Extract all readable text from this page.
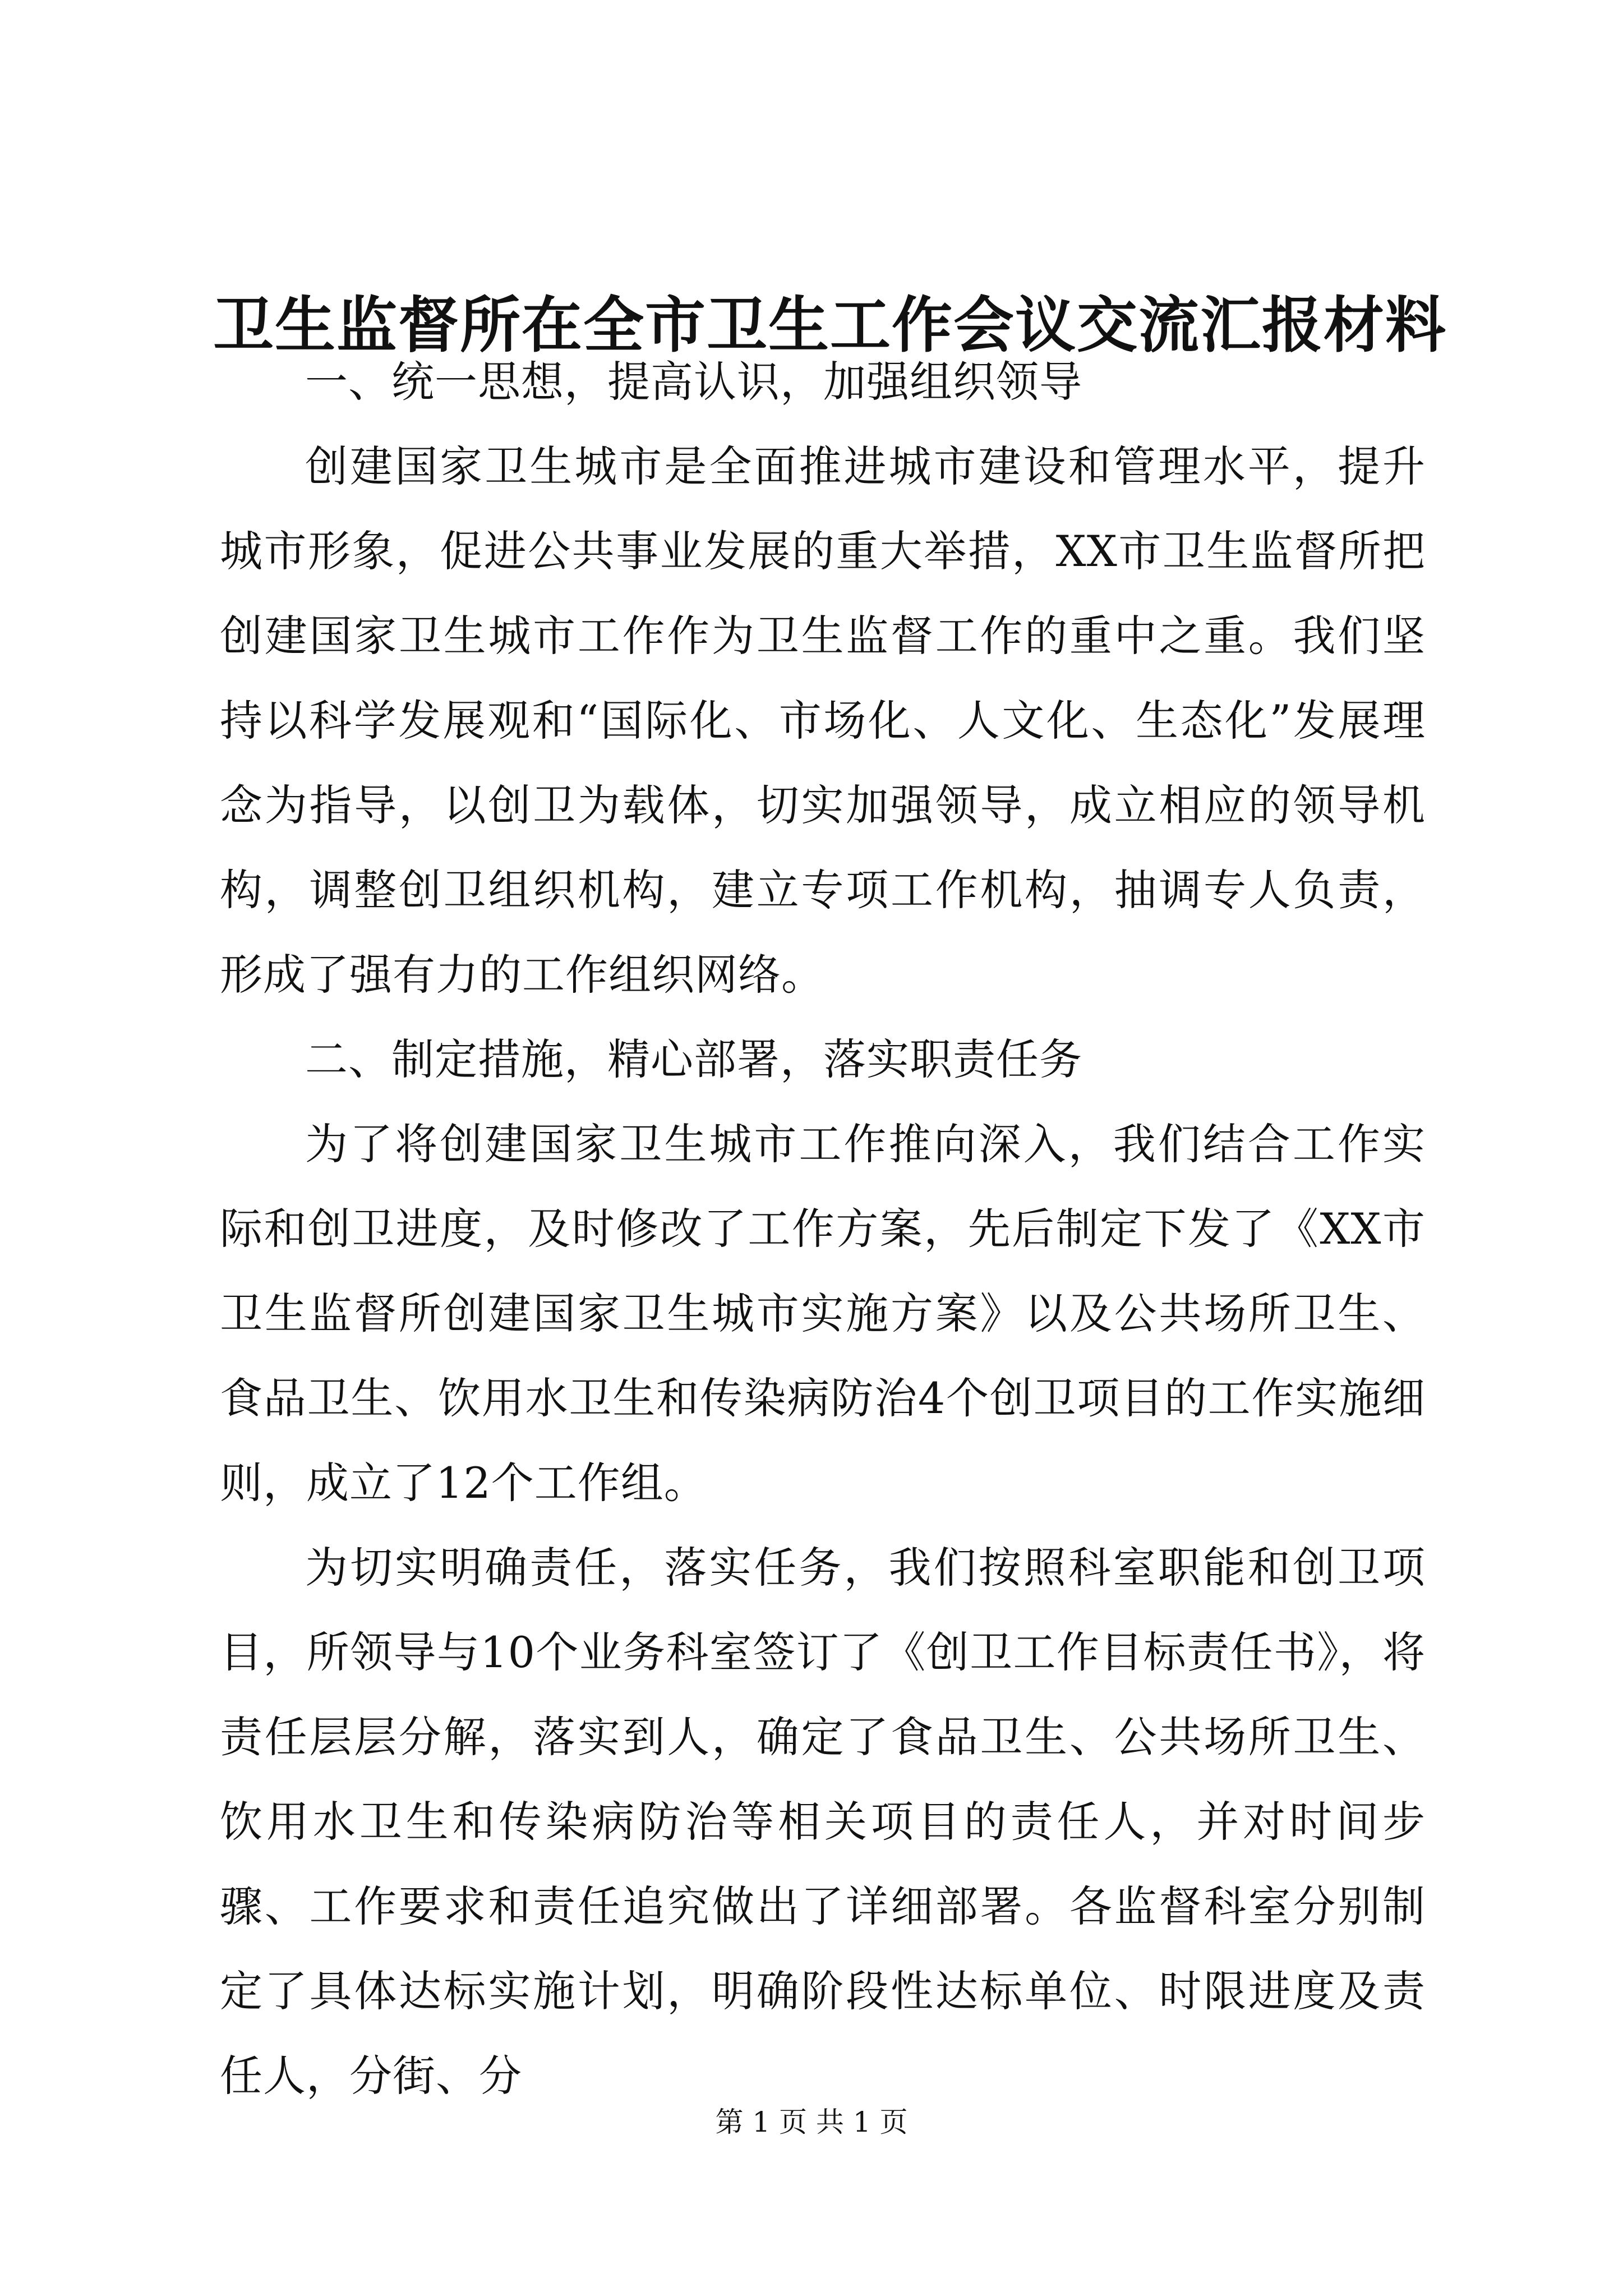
卫生监督所在全市卫生工作会议交流汇报材料

一、统一思想，提高认识，加强组织领导

创建国家卫生城市是全面推进城市建设和管理水平，提升城市形象，促进公共事业发展的重大举措，XX市卫生监督所把创建国家卫生城市工作作为卫生监督工作的重中之重。我们坚持以科学发展观和“国际化、市场化、人文化、生态化”发展理念为指导，以创卫为载体，切实加强领导，成立相应的领导机构，调整创卫组织机构，建立专项工作机构，抽调专人负责，形成了强有力的工作组织网络。

二、制定措施，精心部署，落实职责任务

为了将创建国家卫生城市工作推向深入，我们结合工作实际和创卫进度，及时修改了工作方案，先后制定下发了《XX市卫生监督所创建国家卫生城市实施方案》以及公共场所卫生、食品卫生、饮用水卫生和传染病防治4个创卫项目的工作实施细则，成立了12个工作组。

为切实明确责任，落实任务，我们按照科室职能和创卫项目，所领导与10个业务科室签订了《创卫工作目标责任书》，将责任层层分解，落实到人，确定了食品卫生、公共场所卫生、饮用水卫生和传染病防治等相关项目的责任人，并对时间步骤、工作要求和责任追究做出了详细部署。各监督科室分别制定了具体达标实施计划，明确阶段性达标单位、时限进度及责任人，分街、分

第 1 页 共 1 页
